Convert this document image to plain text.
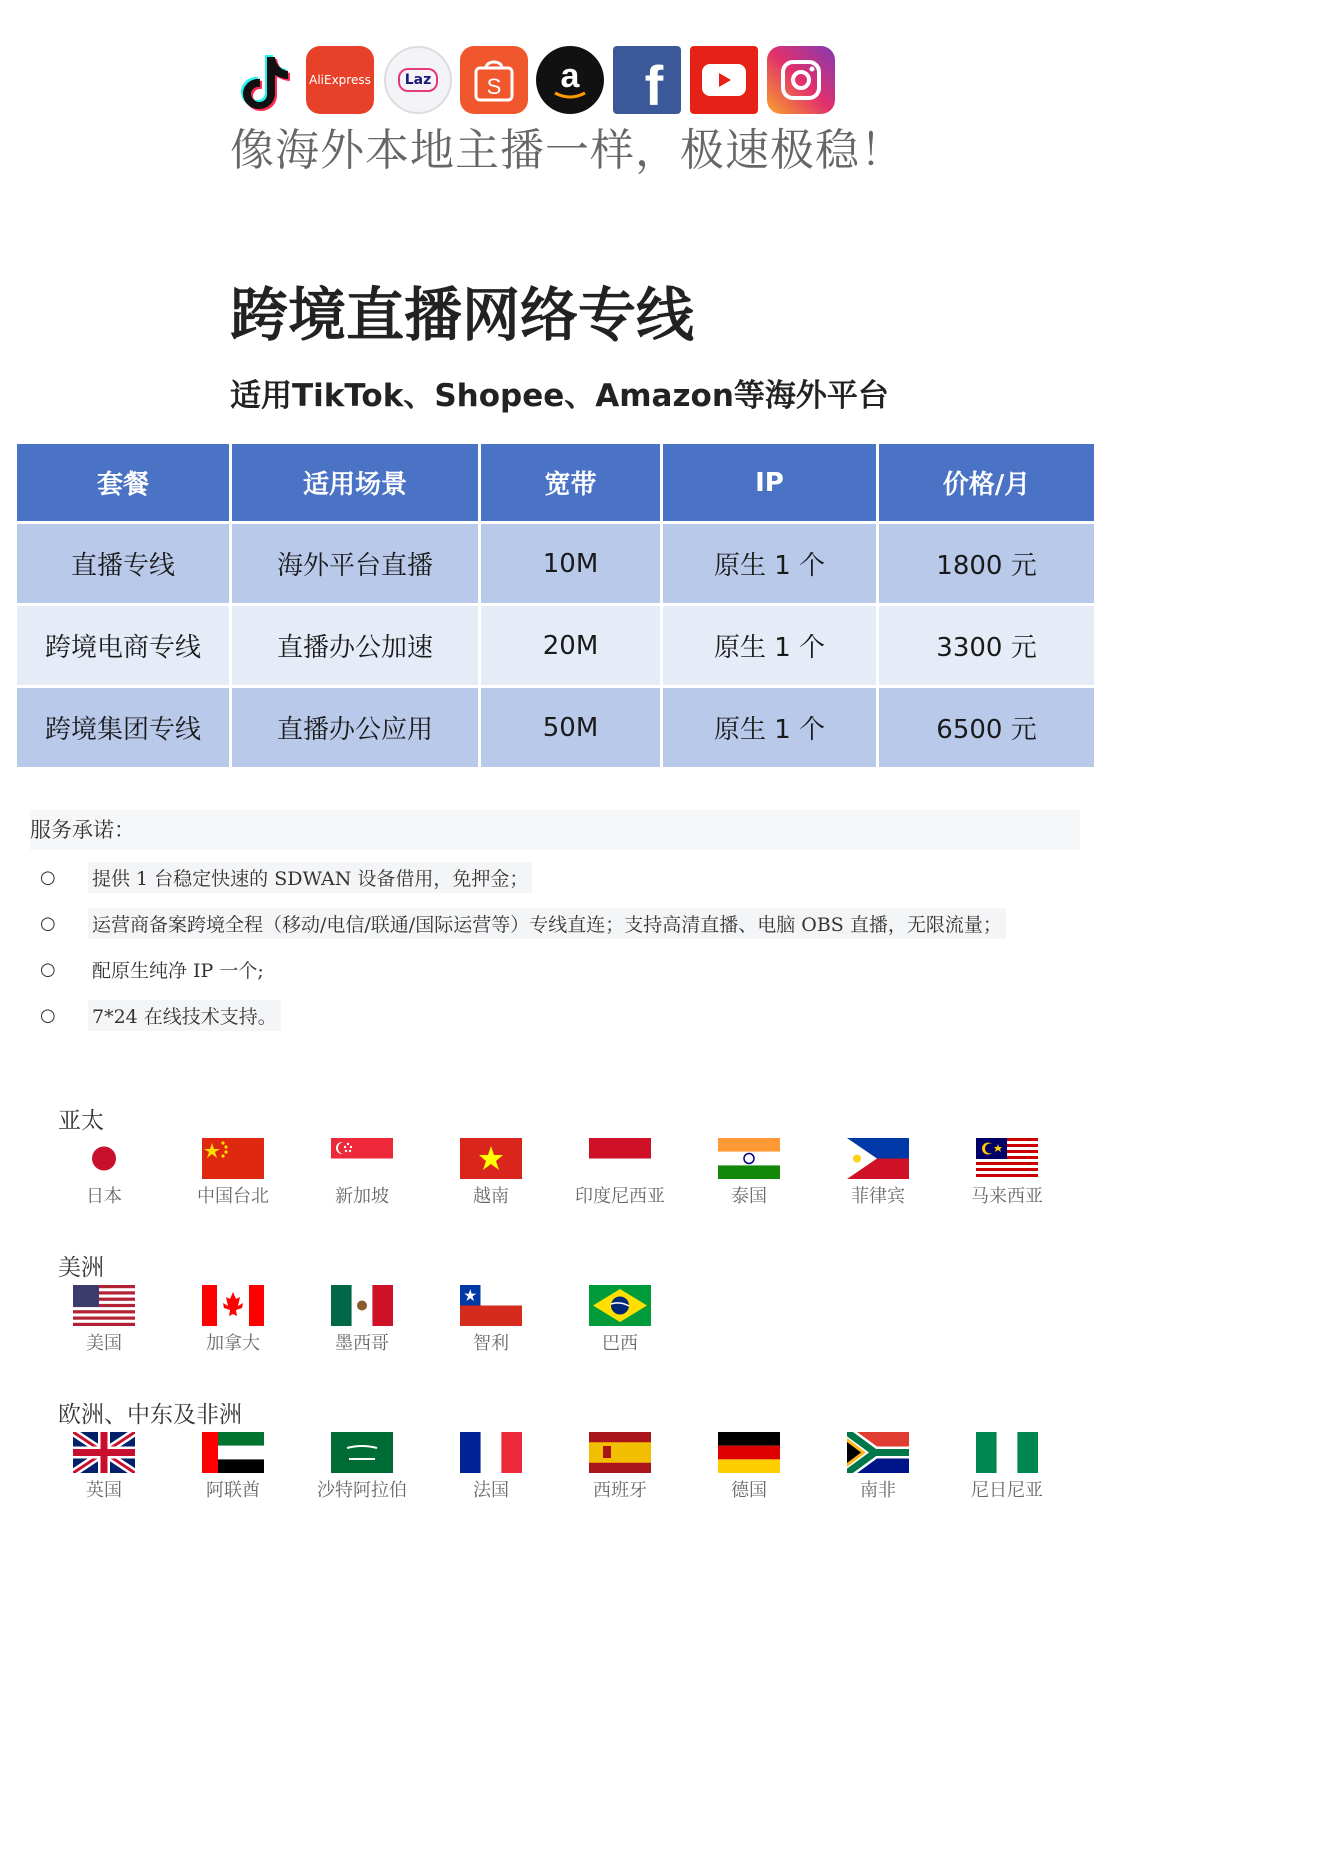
AliExpress	Laz	S a f
像海外本地主播一样，极速极稳！
跨境直播网络专线
适用TikTok、Shopee、Amazon等海外平台
套餐	适用场景	宽带	IP	价格/月
直播专线	海外平台直播	10M	原生 1 个	1800 元
跨境电商专线	直播办公加速	20M	原生 1 个	3300 元
跨境集团专线	直播办公应用	50M	原生 1 个	6500 元
服务承诺：
○	提供 1 台稳定快速的 SDWAN 设备借用，免押金；
○	运营商备案跨境全程（移动/电信/联通/国际运营等）专线直连；支持高清直播、电脑 OBS 直播，无限流量；
○	配原生纯净 IP 一个;
○	7*24 在线技术支持。
亚太
日本	中国台北	新加坡	越南	印度尼西亚	泰国	菲律宾	马来西亚
美洲
美国	加拿大	墨西哥	智利	巴西
欧洲、中东及非洲
英国	阿联酋	沙特阿拉伯	法国	西班牙	德国	南非	尼日尼亚
